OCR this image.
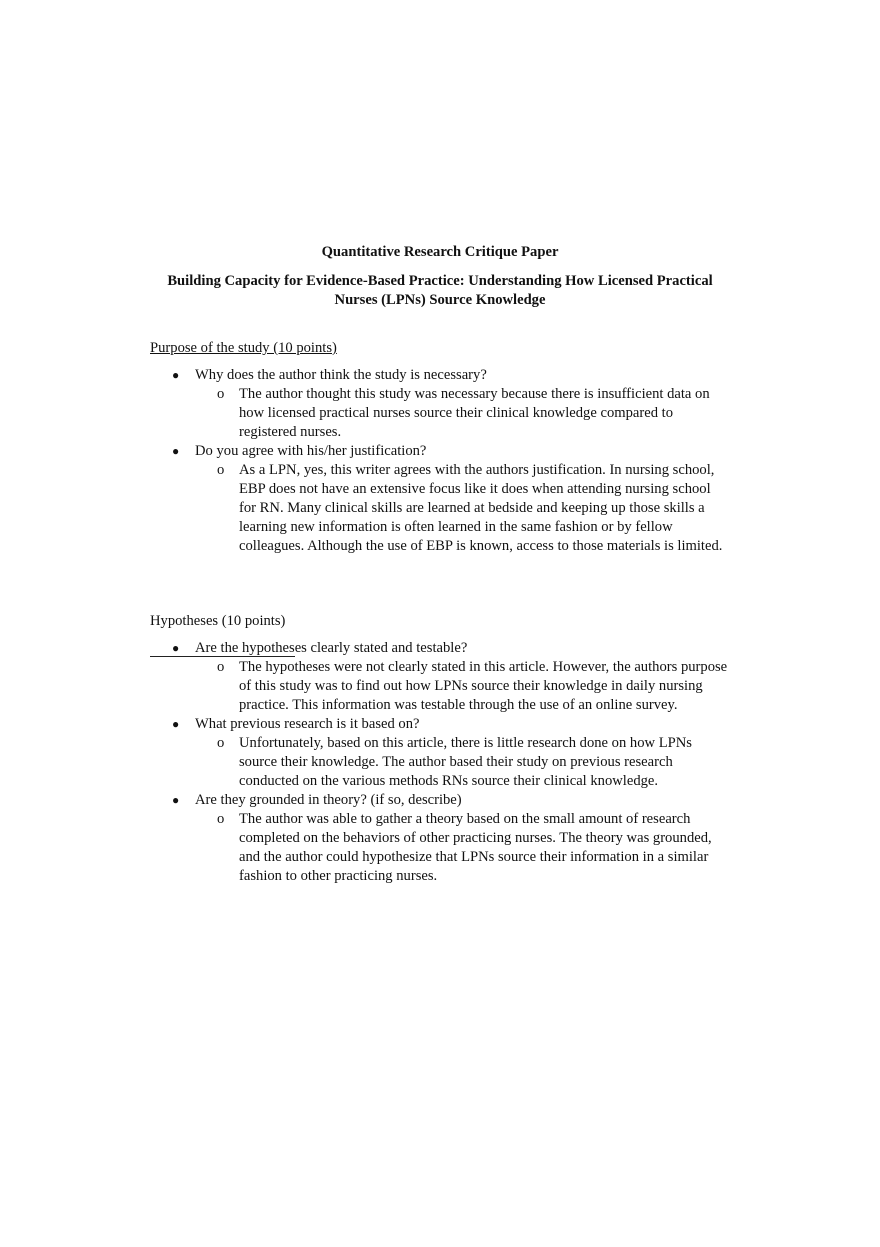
Quantitative Research Critique Paper
Building Capacity for Evidence-Based Practice: Understanding How Licensed Practical Nurses (LPNs) Source Knowledge
Purpose of the study (10 points)
● Why does the author think the study is necessary?
o The author thought this study was necessary because there is insufficient data on how licensed practical nurses source their clinical knowledge compared to registered nurses.
● Do you agree with his/her justification?
o As a LPN, yes, this writer agrees with the authors justification. In nursing school, EBP does not have an extensive focus like it does when attending nursing school for RN. Many clinical skills are learned at bedside and keeping up those skills a learning new information is often learned in the same fashion or by fellow colleagues. Although the use of EBP is known, access to those materials is limited.
Hypotheses (10 points)
● Are the hypotheses clearly stated and testable?
o The hypotheses were not clearly stated in this article. However, the authors purpose of this study was to find out how LPNs source their knowledge in daily nursing practice. This information was testable through the use of an online survey.
● What previous research is it based on?
o Unfortunately, based on this article, there is little research done on how LPNs source their knowledge. The author based their study on previous research conducted on the various methods RNs source their clinical knowledge.
● Are they grounded in theory? (if so, describe)
o The author was able to gather a theory based on the small amount of research completed on the behaviors of other practicing nurses. The theory was grounded, and the author could hypothesize that LPNs source their information in a similar fashion to other practicing nurses.
